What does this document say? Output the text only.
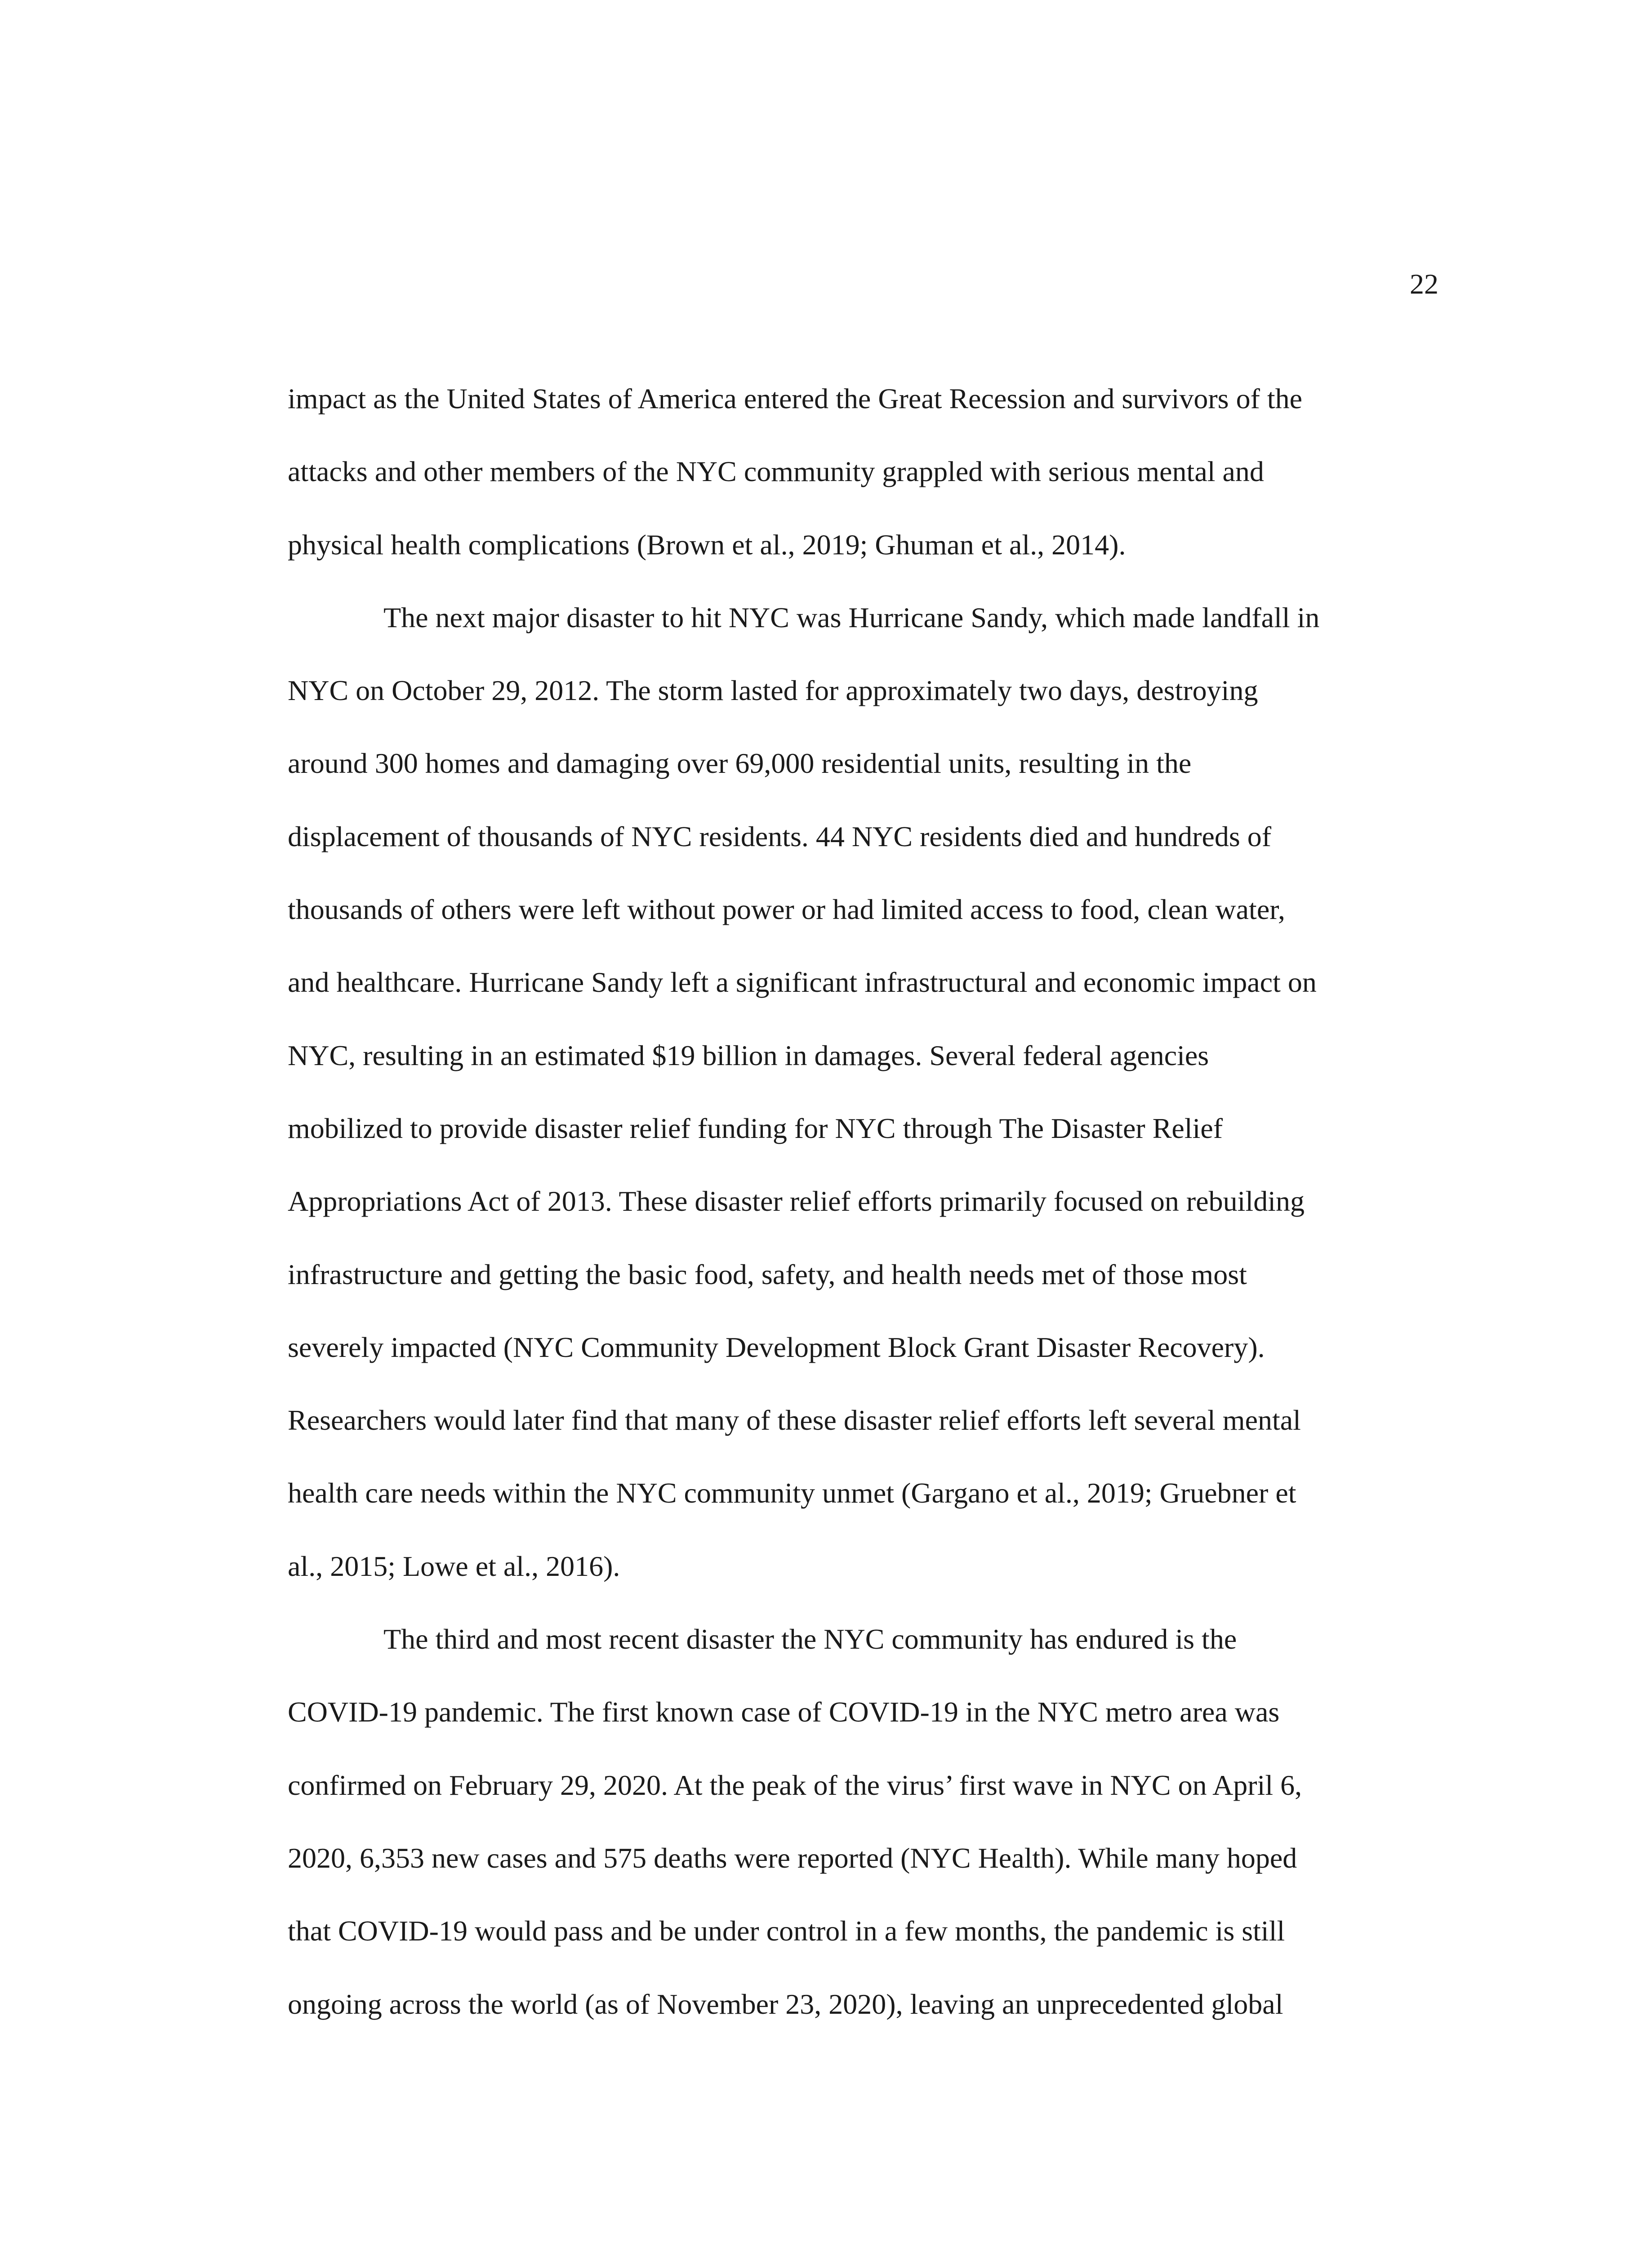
22
impact as the United States of America entered the Great Recession and survivors of the
attacks and other members of the NYC community grappled with serious mental and
physical health complications (Brown et al., 2019; Ghuman et al., 2014).
The next major disaster to hit NYC was Hurricane Sandy, which made landfall in
NYC on October 29, 2012. The storm lasted for approximately two days, destroying
around 300 homes and damaging over 69,000 residential units, resulting in the
displacement of thousands of NYC residents. 44 NYC residents died and hundreds of
thousands of others were left without power or had limited access to food, clean water,
and healthcare. Hurricane Sandy left a significant infrastructural and economic impact on
NYC, resulting in an estimated $19 billion in damages. Several federal agencies
mobilized to provide disaster relief funding for NYC through The Disaster Relief
Appropriations Act of 2013. These disaster relief efforts primarily focused on rebuilding
infrastructure and getting the basic food, safety, and health needs met of those most
severely impacted (NYC Community Development Block Grant Disaster Recovery).
Researchers would later find that many of these disaster relief efforts left several mental
health care needs within the NYC community unmet (Gargano et al., 2019; Gruebner et
al., 2015; Lowe et al., 2016).
The third and most recent disaster the NYC community has endured is the
COVID-19 pandemic. The first known case of COVID-19 in the NYC metro area was
confirmed on February 29, 2020. At the peak of the virus’ first wave in NYC on April 6,
2020, 6,353 new cases and 575 deaths were reported (NYC Health). While many hoped
that COVID-19 would pass and be under control in a few months, the pandemic is still
ongoing across the world (as of November 23, 2020), leaving an unprecedented global
